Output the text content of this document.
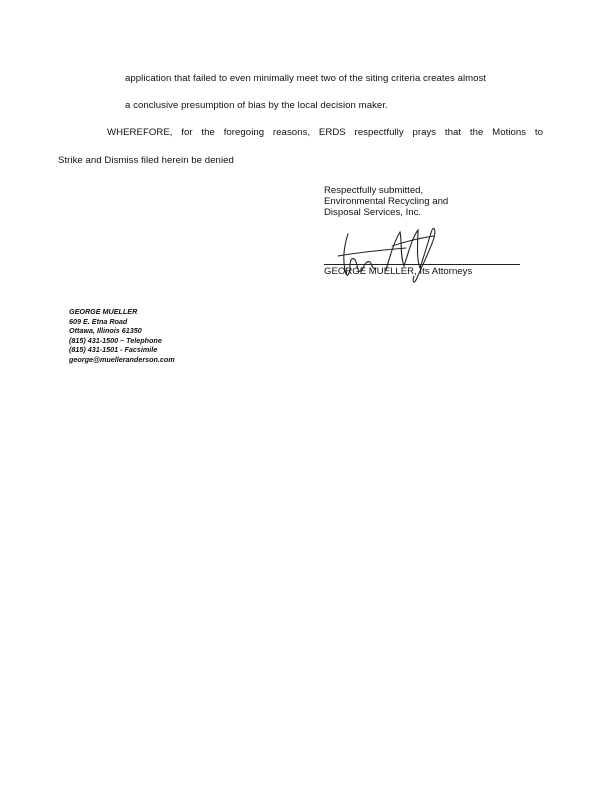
application that failed to even minimally meet two of the siting criteria creates almost
a conclusive presumption of bias by the local decision maker.
WHEREFORE, for the foregoing reasons, ERDS respectfully prays that the Motions to
Strike and Dismiss filed herein be denied
Respectfully submitted,
Environmental Recycling and
Disposal Services, Inc.
GEORGE MUELLER, Its Attorneys
GEORGE MUELLER
609 E. Etna Road
Ottawa, Illinois 61350
(815) 431-1500 – Telephone
(815) 431-1501 - Facsimile
george@muelleranderson.com
